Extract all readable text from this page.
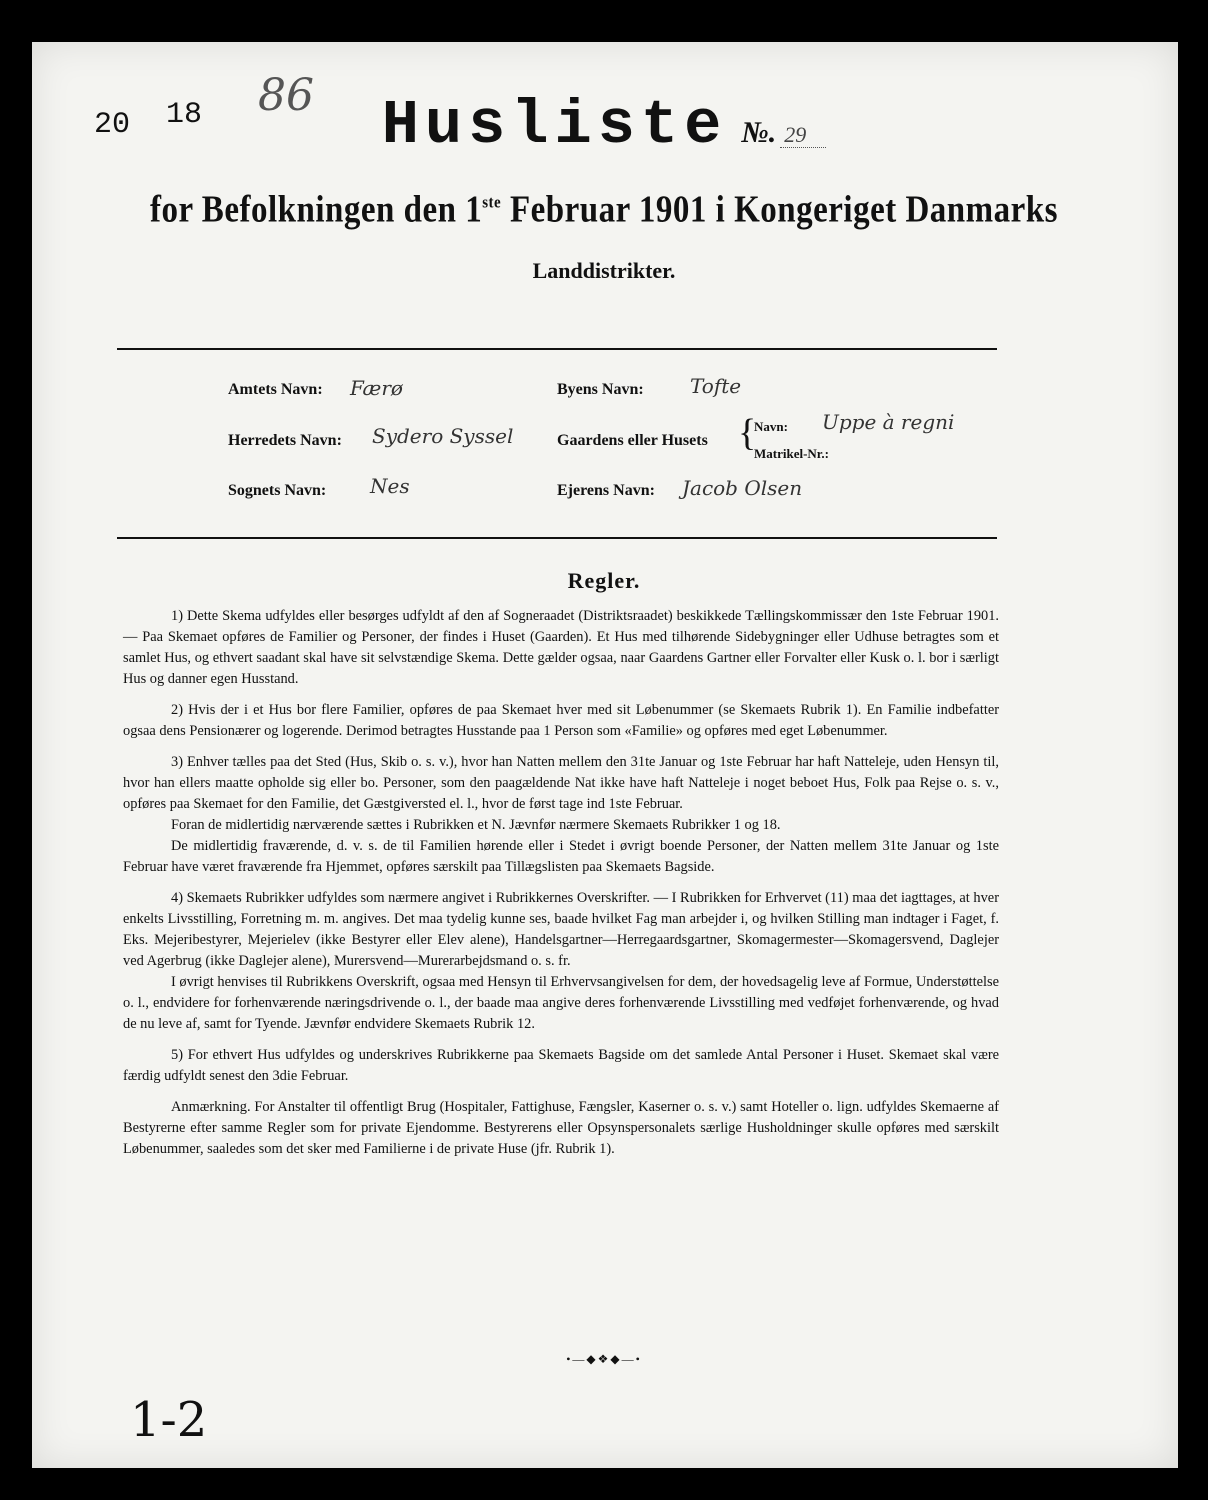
20 18 86	Husliste №. 29
for Befolkningen den 1ste Februar 1901 i Kongeriget Danmarks
Landdistrikter.
Amtets Navn: Færø
Herredets Navn: Sydero Syssel
Sognets Navn: Nes
Byens Navn: Tofte
Gaardens eller Husets {
Navn: Uppe à regni
Matrikel-Nr.:
Ejerens Navn: Jacob Olsen
Regler.

1) Dette Skema udfyldes eller besørges udfyldt af den af Sogneraadet (Distriktsraadet) beskikkede Tællingskommissær den 1ste Februar 1901. — Paa Skemaet opføres de Familier og Personer, der findes i Huset (Gaarden). Et Hus med tilhørende Sidebygninger eller Udhuse betragtes som et samlet Hus, og ethvert saadant skal have sit selvstændige Skema. Dette gælder ogsaa, naar Gaardens Gartner eller Forvalter eller Kusk o. l. bor i særligt Hus og danner egen Husstand.

2) Hvis der i et Hus bor flere Familier, opføres de paa Skemaet hver med sit Løbenummer (se Skemaets Rubrik 1). En Familie indbefatter ogsaa dens Pensionærer og logerende. Derimod betragtes Husstande paa 1 Person som «Familie» og opføres med eget Løbenummer.

3) Enhver tælles paa det Sted (Hus, Skib o. s. v.), hvor han Natten mellem den 31te Januar og 1ste Februar har haft Natteleje, uden Hensyn til, hvor han ellers maatte opholde sig eller bo. Personer, som den paagældende Nat ikke have haft Natteleje i noget beboet Hus, Folk paa Rejse o. s. v., opføres paa Skemaet for den Familie, det Gæstgiversted el. l., hvor de først tage ind 1ste Februar.

Foran de midlertidig nærværende sættes i Rubrikken et N. Jævnfør nærmere Skemaets Rubrikker 1 og 18.

De midlertidig fraværende, d. v. s. de til Familien hørende eller i Stedet i øvrigt boende Personer, der Natten mellem 31te Januar og 1ste Februar have været fraværende fra Hjemmet, opføres særskilt paa Tillægslisten paa Skemaets Bagside.

4) Skemaets Rubrikker udfyldes som nærmere angivet i Rubrikkernes Overskrifter. — I Rubrikken for Erhvervet (11) maa det iagttages, at hver enkelts Livsstilling, Forretning m. m. angives. Det maa tydelig kunne ses, baade hvilket Fag man arbejder i, og hvilken Stilling man indtager i Faget, f. Eks. Mejeribestyrer, Mejerielev (ikke Bestyrer eller Elev alene), Handelsgartner—Herregaardsgartner, Skomagermester—Skomagersvend, Daglejer ved Agerbrug (ikke Daglejer alene), Murersvend—Murerarbejdsmand o. s. fr.

I øvrigt henvises til Rubrikkens Overskrift, ogsaa med Hensyn til Erhvervsangivelsen for dem, der hovedsagelig leve af Formue, Understøttelse o. l., endvidere for forhenværende næringsdrivende o. l., der baade maa angive deres forhenværende Livsstilling med vedføjet forhenværende, og hvad de nu leve af, samt for Tyende. Jævnfør endvidere Skemaets Rubrik 12.

5) For ethvert Hus udfyldes og underskrives Rubrikkerne paa Skemaets Bagside om det samlede Antal Personer i Huset. Skemaet skal være færdig udfyldt senest den 3die Februar.

Anmærkning. For Anstalter til offentligt Brug (Hospitaler, Fattighuse, Fængsler, Kaserner o. s. v.) samt Hoteller o. lign. udfyldes Skemaerne af Bestyrerne efter samme Regler som for private Ejendomme. Bestyrerens eller Opsynspersonalets særlige Husholdninger skulle opføres med særskilt Løbenummer, saaledes som det sker med Familierne i de private Huse (jfr. Rubrik 1).

•—◆❖◆—•
1-2
